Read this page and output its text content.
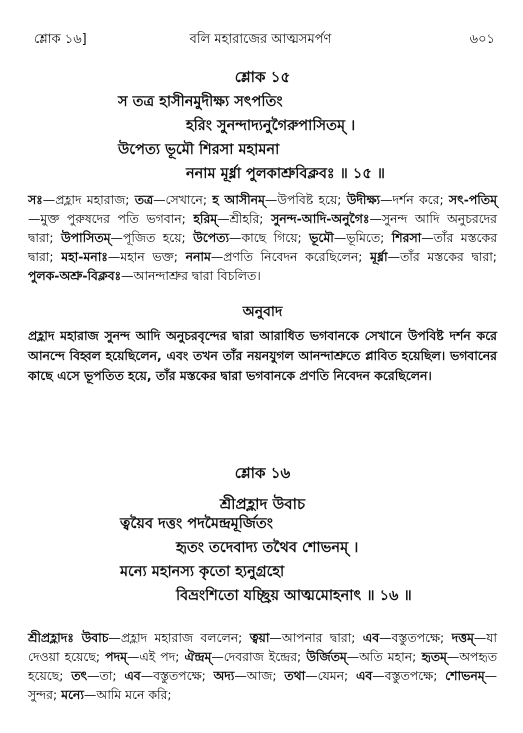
শ্লোক ১৬]	বলি মহারাজের আত্মসমর্পণ	৬০১
শ্লোক ১৫
স তত্র হাসীনমুদীক্ষ্য সৎপতিং
হরিং সুনন্দাদ্যনুগৈরুপাসিতম্ ।
উপেত্য ভূমৌ শিরসা মহামনা
ননাম মূর্ধ্না পুলকাশ্রুবিক্লবঃ ॥ ১৫ ॥
সঃ—প্রহ্লাদ মহারাজ; তত্র—সেখানে; হ আসীনম্—উপবিষ্ট হয়ে; উদীক্ষ্য—দর্শন করে; সৎ-পতিম্—মুক্ত পুরুষদের পতি ভগবান; হরিম্—শ্রীহরি; সুনন্দ-আদি-অনুগৈঃ—সুনন্দ আদি অনুচরদের দ্বারা; উপাসিতম্—পূজিত হয়ে; উপেত্য—কাছে গিয়ে; ভূমৌ—ভূমিতে; শিরসা—তাঁর মস্তকের দ্বারা; মহা-মনাঃ—মহান ভক্ত; ননাম—প্রণতি নিবেদন করেছিলেন; মূর্ধ্না—তাঁর মস্তকের দ্বারা; পুলক-অশ্রু-বিক্লবঃ—আনন্দাশ্রুর দ্বারা বিচলিত।
অনুবাদ
প্রহ্লাদ মহারাজ সুনন্দ আদি অনুচরবৃন্দের দ্বারা আরাধিত ভগবানকে সেখানে উপবিষ্ট দর্শন করে আনন্দে বিহ্বল হয়েছিলেন, এবং তখন তাঁর নয়নযুগল আনন্দাশ্রুতে প্লাবিত হয়েছিল। ভগবানের কাছে এসে ভূপতিত হয়ে, তাঁর মস্তকের দ্বারা ভগবানকে প্রণতি নিবেদন করেছিলেন।
শ্লোক ১৬
শ্রীপ্রহ্লাদ উবাচ
ত্বয়ৈব দত্তং পদমৈন্দ্রমূর্জিতং
হৃতং তদেবাদ্য তথৈব শোভনম্ ।
মন্যে মহানস্য কৃতো হ্যনুগ্রহো
বিভ্রংশিতো যচ্ছ্রিয় আত্মমোহনাৎ ॥ ১৬ ॥
শ্রীপ্রহ্লাদঃ উবাচ—প্রহ্লাদ মহারাজ বললেন; ত্বয়া—আপনার দ্বারা; এব—বস্তুতপক্ষে; দত্তম্—যা দেওয়া হয়েছে; পদম্—এই পদ; ঐন্দ্রম্—দেবরাজ ইন্দ্রের; উর্জিতম্—অতি মহান; হৃতম্—অপহৃত হয়েছে; তৎ—তা; এব—বস্তুতপক্ষে; অদ্য—আজ; তথা—যেমন; এব—বস্তুতপক্ষে; শোভনম্—সুন্দর; মন্যে—আমি মনে করি;
